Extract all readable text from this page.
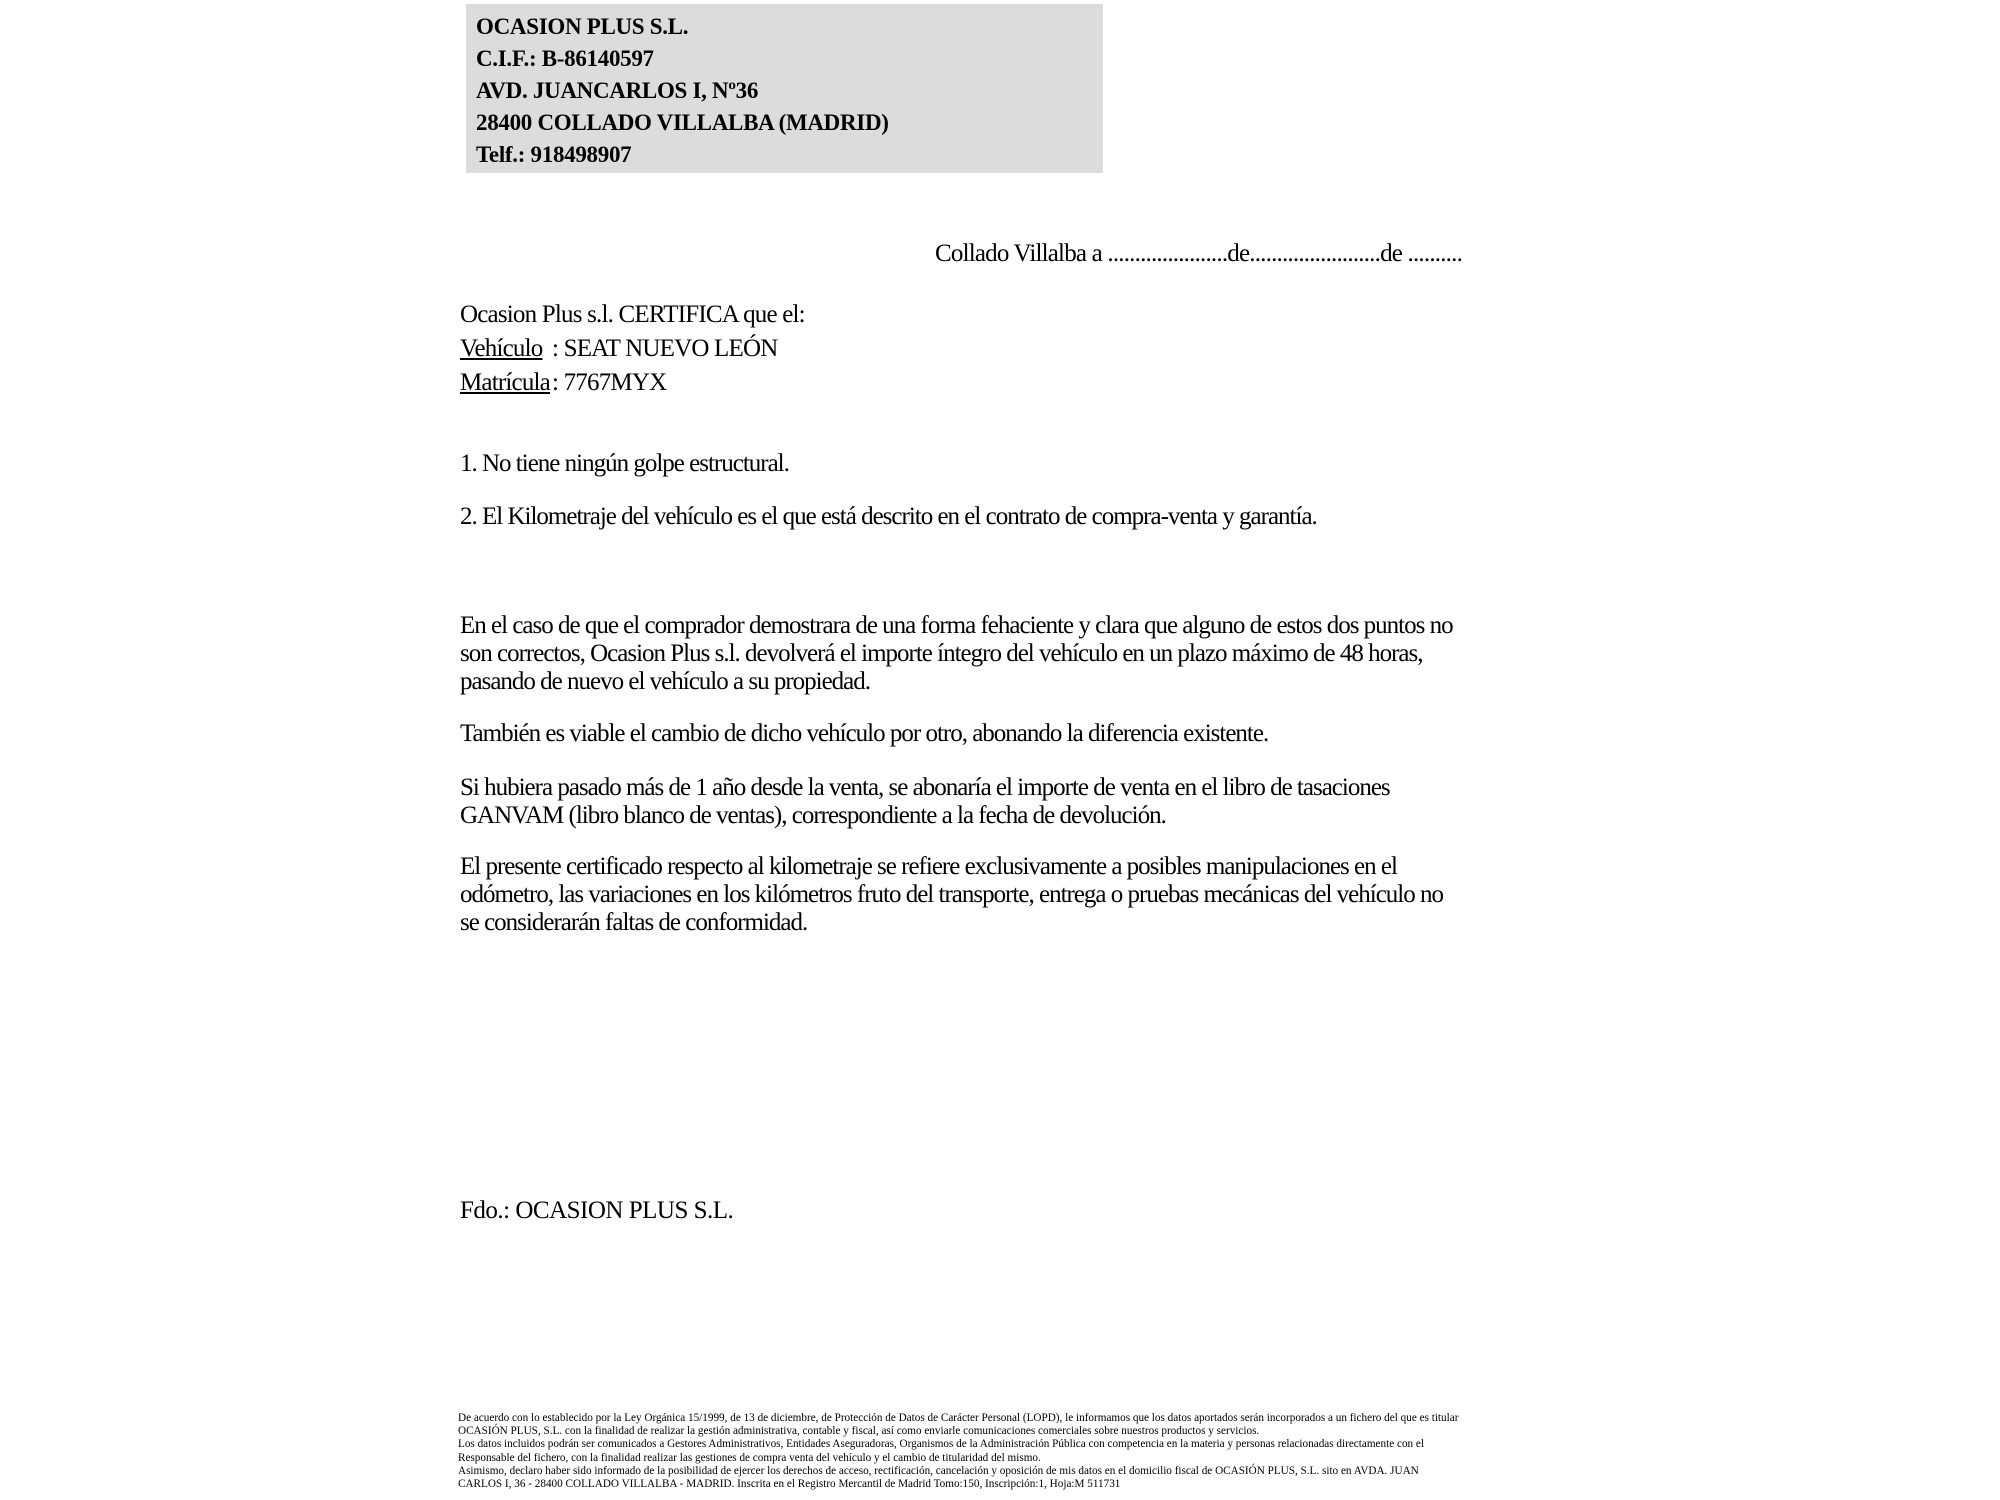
OCASION PLUS S.L.
C.I.F.: B-86140597
AVD. JUANCARLOS I, Nº36
28400 COLLADO VILLALBA (MADRID)
Telf.: 918498907
Collado Villalba a ......................de........................de ..........
Ocasion Plus s.l. CERTIFICA que el:
Vehículo : SEAT NUEVO LEÓN
Matrícula: 7767MYX
1. No tiene ningún golpe estructural.
2. El Kilometraje del vehículo es el que está descrito en el contrato de compra-venta y garantía.
En el caso de que el comprador demostrara de una forma fehaciente y clara que alguno de estos dos puntos no
son correctos, Ocasion Plus s.l. devolverá el importe íntegro del vehículo en un plazo máximo de 48 horas,
pasando de nuevo el vehículo a su propiedad.
También es viable el cambio de dicho vehículo por otro, abonando la diferencia existente.
Si hubiera pasado más de 1 año desde la venta, se abonaría el importe de venta en el libro de tasaciones
GANVAM (libro blanco de ventas), correspondiente a la fecha de devolución.
El presente certificado respecto al kilometraje se refiere exclusivamente a posibles manipulaciones en el
odómetro, las variaciones en los kilómetros fruto del transporte, entrega o pruebas mecánicas del vehículo no
se considerarán faltas de conformidad.
Fdo.: OCASION PLUS S.L.
De acuerdo con lo establecido por la Ley Orgánica 15/1999, de 13 de diciembre, de Protección de Datos de Carácter Personal (LOPD), le informamos que los datos aportados serán incorporados a un fichero del que es titular
OCASIÓN PLUS, S.L. con la finalidad de realizar la gestión administrativa, contable y fiscal, así como enviarle comunicaciones comerciales sobre nuestros productos y servicios.
Los datos incluidos podrán ser comunicados a Gestores Administrativos, Entidades Aseguradoras, Organismos de la Administración Pública con competencia en la materia y personas relacionadas directamente con el
Responsable del fichero, con la finalidad realizar las gestiones de compra venta del vehículo y el cambio de titularidad del mismo.
Asimismo, declaro haber sido informado de la posibilidad de ejercer los derechos de acceso, rectificación, cancelación y oposición de mis datos en el domicilio fiscal de OCASIÓN PLUS, S.L. sito en AVDA. JUAN
CARLOS I, 36 - 28400 COLLADO VILLALBA - MADRID. Inscrita en el Registro Mercantil de Madrid Tomo:150, Inscripción:1, Hoja:M 511731
